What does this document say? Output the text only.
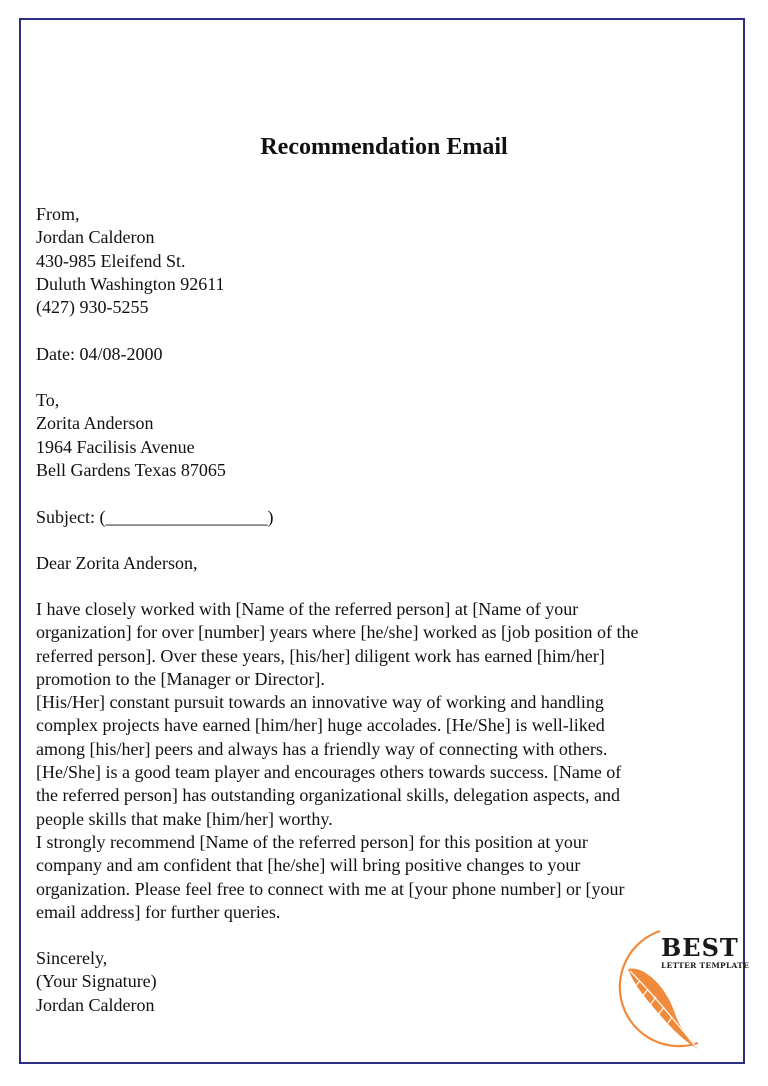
Recommendation Email
From,
Jordan Calderon
430-985 Eleifend St.
Duluth Washington 92611
(427) 930-5255
Date: 04/08-2000
To,
Zorita Anderson
1964 Facilisis Avenue
Bell Gardens Texas 87065
Subject: (__________________)
Dear Zorita Anderson,
I have closely worked with [Name of the referred person] at [Name of your
organization] for over [number] years where [he/she] worked as [job position of the
referred person]. Over these years, [his/her] diligent work has earned [him/her]
promotion to the [Manager or Director].
[His/Her] constant pursuit towards an innovative way of working and handling
complex projects have earned [him/her] huge accolades. [He/She] is well-liked
among [his/her] peers and always has a friendly way of connecting with others.
[He/She] is a good team player and encourages others towards success. [Name of
the referred person] has outstanding organizational skills, delegation aspects, and
people skills that make [him/her] worthy.
I strongly recommend [Name of the referred person] for this position at your
company and am confident that [he/she] will bring positive changes to your
organization. Please feel free to connect with me at [your phone number] or [your
email address] for further queries.
Sincerely,
(Your Signature)
Jordan Calderon
BEST
LETTER TEMPLATE
